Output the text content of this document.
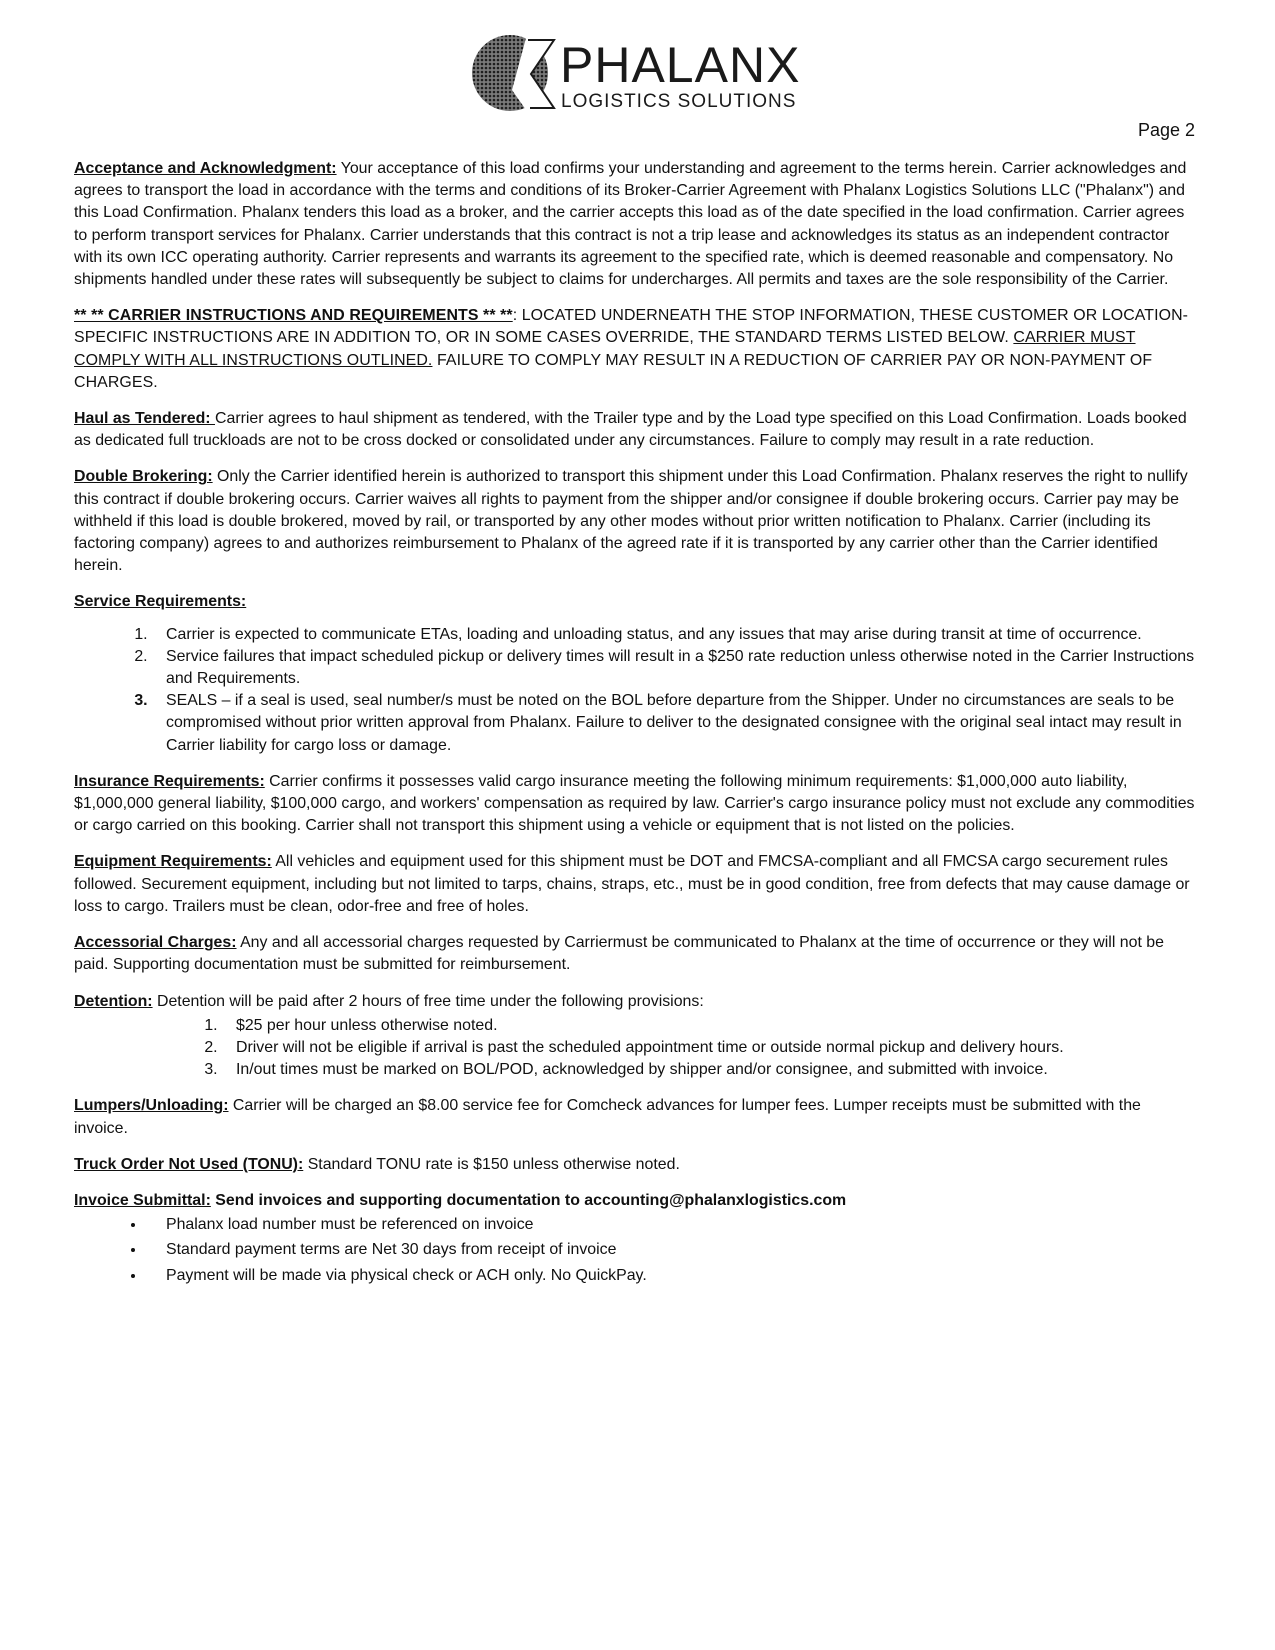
PHALANX
LOGISTICS SOLUTIONS
Page 2

Acceptance and Acknowledgment: Your acceptance of this load confirms your understanding and agreement to the terms herein. Carrier acknowledges and agrees to transport the load in accordance with the terms and conditions of its Broker-Carrier Agreement with Phalanx Logistics Solutions LLC ("Phalanx") and this Load Confirmation. Phalanx tenders this load as a broker, and the carrier accepts this load as of the date specified in the load confirmation. Carrier agrees to perform transport services for Phalanx. Carrier understands that this contract is not a trip lease and acknowledges its status as an independent contractor with its own ICC operating authority. Carrier represents and warrants its agreement to the specified rate, which is deemed reasonable and compensatory. No shipments handled under these rates will subsequently be subject to claims for undercharges. All permits and taxes are the sole responsibility of the Carrier.

** ** CARRIER INSTRUCTIONS AND REQUIREMENTS ** **: LOCATED UNDERNEATH THE STOP INFORMATION, THESE CUSTOMER OR LOCATION-SPECIFIC INSTRUCTIONS ARE IN ADDITION TO, OR IN SOME CASES OVERRIDE, THE STANDARD TERMS LISTED BELOW. CARRIER MUST COMPLY WITH ALL INSTRUCTIONS OUTLINED. FAILURE TO COMPLY MAY RESULT IN A REDUCTION OF CARRIER PAY OR NON-PAYMENT OF CHARGES.

Haul as Tendered: Carrier agrees to haul shipment as tendered, with the Trailer type and by the Load type specified on this Load Confirmation. Loads booked as dedicated full truckloads are not to be cross docked or consolidated under any circumstances. Failure to comply may result in a rate reduction.

Double Brokering: Only the Carrier identified herein is authorized to transport this shipment under this Load Confirmation. Phalanx reserves the right to nullify this contract if double brokering occurs. Carrier waives all rights to payment from the shipper and/or consignee if double brokering occurs. Carrier pay may be withheld if this load is double brokered, moved by rail, or transported by any other modes without prior written notification to Phalanx. Carrier (including its factoring company) agrees to and authorizes reimbursement to Phalanx of the agreed rate if it is transported by any carrier other than the Carrier identified herein.

Service Requirements:
1. Carrier is expected to communicate ETAs, loading and unloading status, and any issues that may arise during transit at time of occurrence.
2. Service failures that impact scheduled pickup or delivery times will result in a $250 rate reduction unless otherwise noted in the Carrier Instructions and Requirements.
3. SEALS – if a seal is used, seal number/s must be noted on the BOL before departure from the Shipper. Under no circumstances are seals to be compromised without prior written approval from Phalanx. Failure to deliver to the designated consignee with the original seal intact may result in Carrier liability for cargo loss or damage.

Insurance Requirements: Carrier confirms it possesses valid cargo insurance meeting the following minimum requirements: $1,000,000 auto liability, $1,000,000 general liability, $100,000 cargo, and workers' compensation as required by law. Carrier's cargo insurance policy must not exclude any commodities or cargo carried on this booking. Carrier shall not transport this shipment using a vehicle or equipment that is not listed on the policies.

Equipment Requirements: All vehicles and equipment used for this shipment must be DOT and FMCSA-compliant and all FMCSA cargo securement rules followed. Securement equipment, including but not limited to tarps, chains, straps, etc., must be in good condition, free from defects that may cause damage or loss to cargo. Trailers must be clean, odor-free and free of holes.

Accessorial Charges: Any and all accessorial charges requested by Carriermust be communicated to Phalanx at the time of occurrence or they will not be paid. Supporting documentation must be submitted for reimbursement.

Detention: Detention will be paid after 2 hours of free time under the following provisions:
1. $25 per hour unless otherwise noted.
2. Driver will not be eligible if arrival is past the scheduled appointment time or outside normal pickup and delivery hours.
3. In/out times must be marked on BOL/POD, acknowledged by shipper and/or consignee, and submitted with invoice.

Lumpers/Unloading: Carrier will be charged an $8.00 service fee for Comcheck advances for lumper fees. Lumper receipts must be submitted with the invoice.

Truck Order Not Used (TONU): Standard TONU rate is $150 unless otherwise noted.

Invoice Submittal: Send invoices and supporting documentation to accounting@phalanxlogistics.com
• Phalanx load number must be referenced on invoice
• Standard payment terms are Net 30 days from receipt of invoice
• Payment will be made via physical check or ACH only. No QuickPay.
